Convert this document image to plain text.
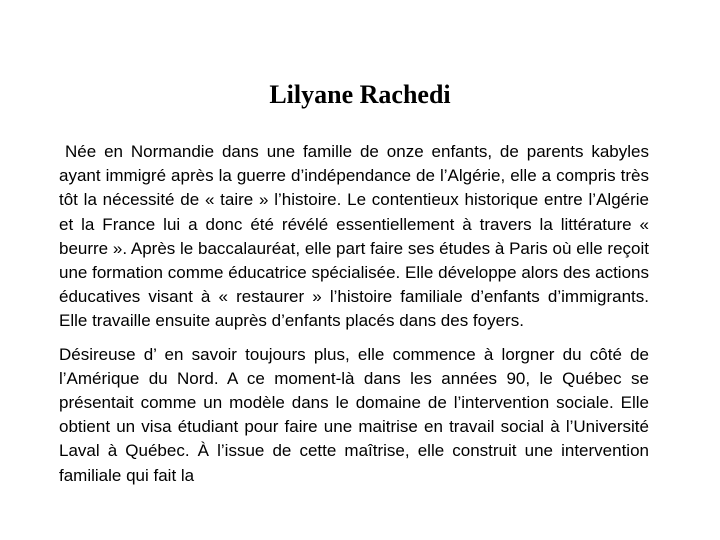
Lilyane Rachedi

Née en Normandie dans une famille de onze enfants, de parents kabyles ayant immigré après la guerre d’indépendance de l’Algérie, elle a compris très tôt la nécessité de « taire » l’histoire. Le contentieux historique entre l’Algérie et la France lui a donc été révélé essentiellement à travers la littérature « beurre ». Après le baccalauréat, elle part faire ses études à Paris où elle reçoit une formation comme éducatrice spécialisée. Elle développe alors des actions éducatives visant à « restaurer » l’histoire familiale d’enfants d’immigrants. Elle travaille ensuite auprès d’enfants placés dans des foyers.

Désireuse d’ en savoir toujours plus, elle commence à lorgner du côté de l’Amérique du Nord. A ce moment-là dans les années 90, le Québec se présentait comme un modèle dans le domaine de l’intervention sociale. Elle obtient un visa étudiant pour faire une maitrise en travail social à l’Université Laval à Québec. À l’issue de cette maîtrise, elle construit une intervention familiale qui fait la
